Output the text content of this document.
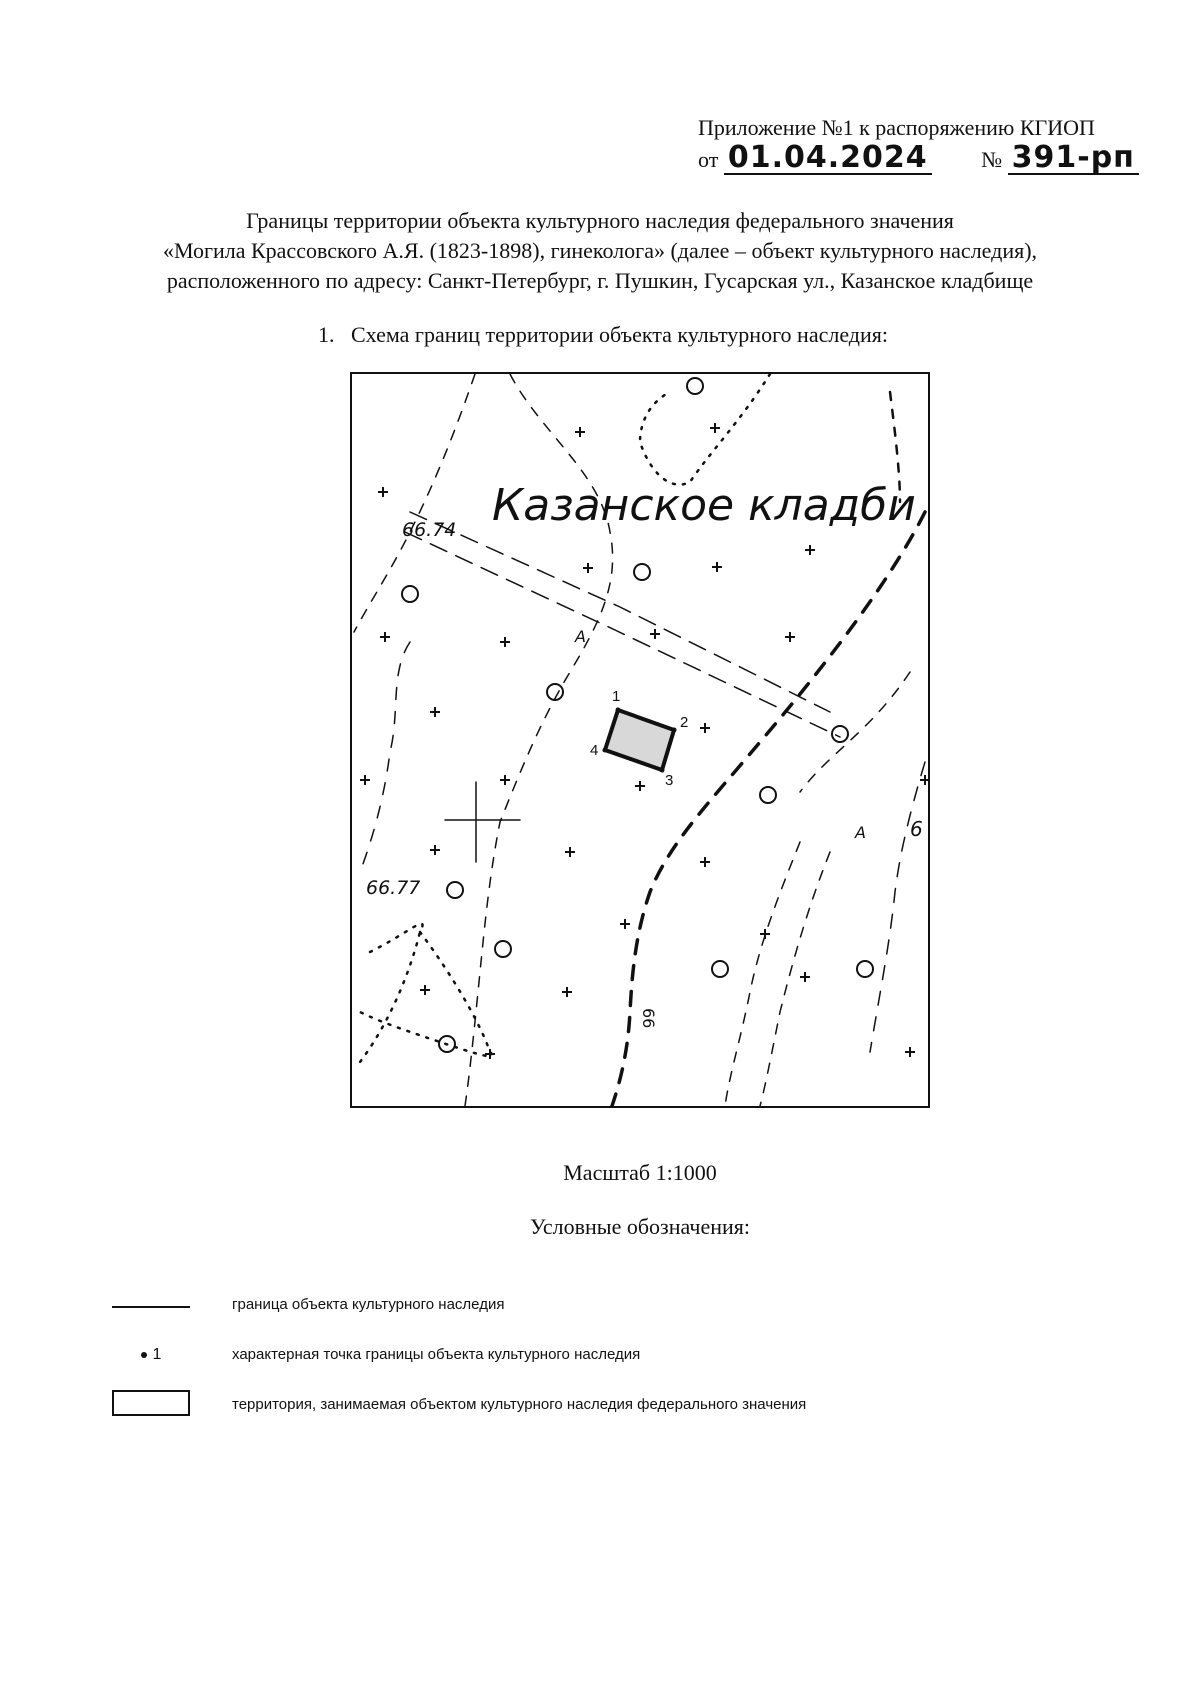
Приложение №1 к распоряжению КГИОП
от 01.04.2024 № 391-рп
Границы территории объекта культурного наследия федерального значения
«Могила Крассовского А.Я. (1823-1898), гинеколога» (далее – объект культурного наследия),
расположенного по адресу: Санкт-Петербург, г. Пушкин, Гусарская ул., Казанское кладбище
1. Схема границ территории объекта культурного наследия:
1
2
3
4
Казанское кладби
66.74
66.77
66
А
А 6
Масштаб 1:1000
Условные обозначения:
граница объекта культурного наследия
1	характерная точка границы объекта культурного наследия
территория, занимаемая объектом культурного наследия федерального значения
